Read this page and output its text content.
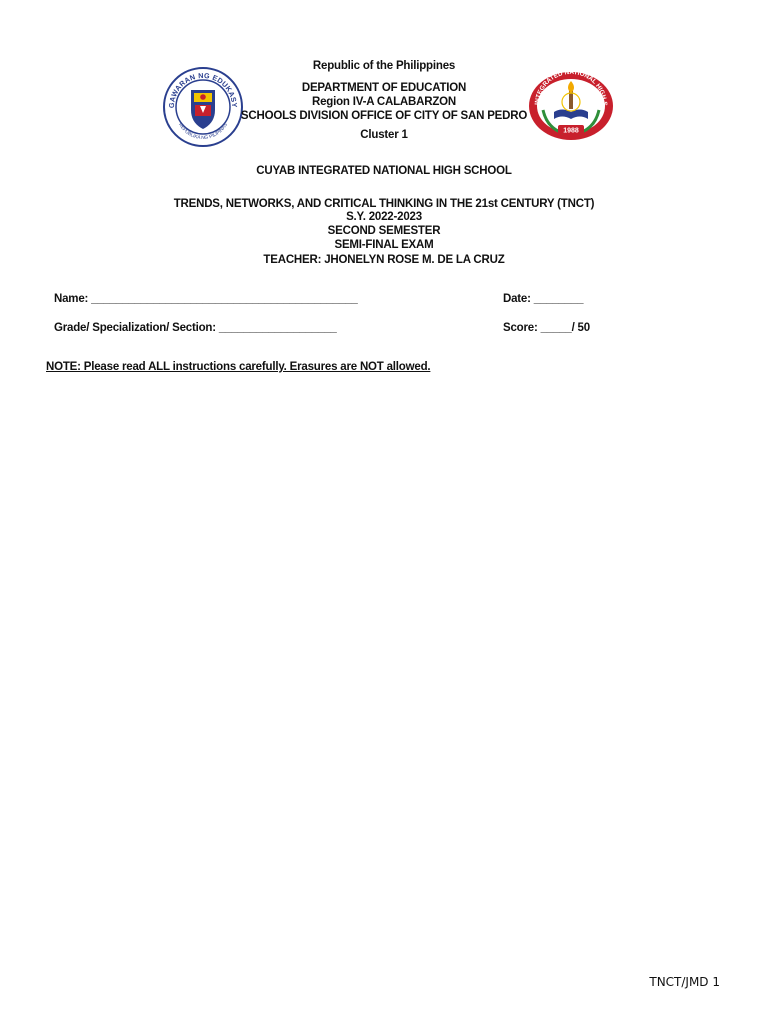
GAWARAN NG EDUKASY
REPUBLIKA NG PILIPINAS
INTEGRATED NATIONAL HIGH S
1988
Republic of the Philippines
DEPARTMENT OF EDUCATION
Region IV-A CALABARZON
SCHOOLS DIVISION OFFICE OF CITY OF SAN PEDRO
Cluster 1
CUYAB INTEGRATED NATIONAL HIGH SCHOOL
TRENDS, NETWORKS, AND CRITICAL THINKING IN THE 21st CENTURY (TNCT)
S.Y. 2022-2023
SECOND SEMESTER
SEMI-FINAL EXAM
TEACHER: JHONELYN ROSE M. DE LA CRUZ
Name: ___________________________________________	Date: ________
Grade/ Specialization/ Section: ___________________	Score: _____/ 50
NOTE: Please read ALL instructions carefully. Erasures are NOT allowed.
TNCT/JMD 1
